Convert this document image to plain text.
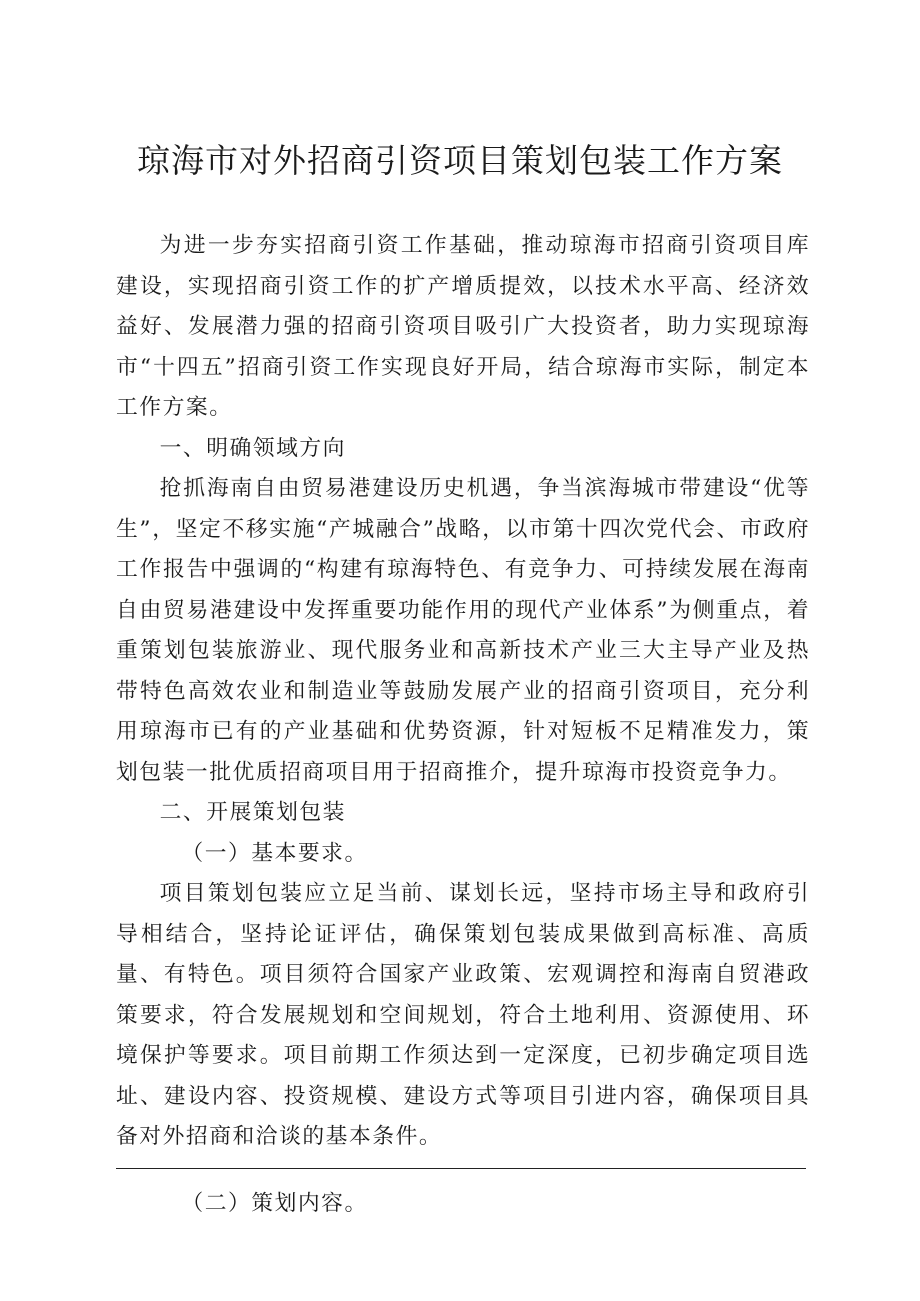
琼海市对外招商引资项目策划包装工作方案

为进一步夯实招商引资工作基础，推动琼海市招商引资项目库建设，实现招商引资工作的扩产增质提效，以技术水平高、经济效益好、发展潜力强的招商引资项目吸引广大投资者，助力实现琼海市“十四五”招商引资工作实现良好开局，结合琼海市实际，制定本工作方案。

一、明确领域方向

抢抓海南自由贸易港建设历史机遇，争当滨海城市带建设“优等生”，坚定不移实施“产城融合”战略，以市第十四次党代会、市政府工作报告中强调的“构建有琼海特色、有竞争力、可持续发展在海南自由贸易港建设中发挥重要功能作用的现代产业体系”为侧重点，着重策划包装旅游业、现代服务业和高新技术产业三大主导产业及热带特色高效农业和制造业等鼓励发展产业的招商引资项目，充分利用琼海市已有的产业基础和优势资源，针对短板不足精准发力，策划包装一批优质招商项目用于招商推介，提升琼海市投资竞争力。

二、开展策划包装

（一）基本要求。

项目策划包装应立足当前、谋划长远，坚持市场主导和政府引导相结合，坚持论证评估，确保策划包装成果做到高标准、高质量、有特色。项目须符合国家产业政策、宏观调控和海南自贸港政策要求，符合发展规划和空间规划，符合土地利用、资源使用、环境保护等要求。项目前期工作须达到一定深度，已初步确定项目选址、建设内容、投资规模、建设方式等项目引进内容，确保项目具备对外招商和洽谈的基本条件。

（二）策划内容。
